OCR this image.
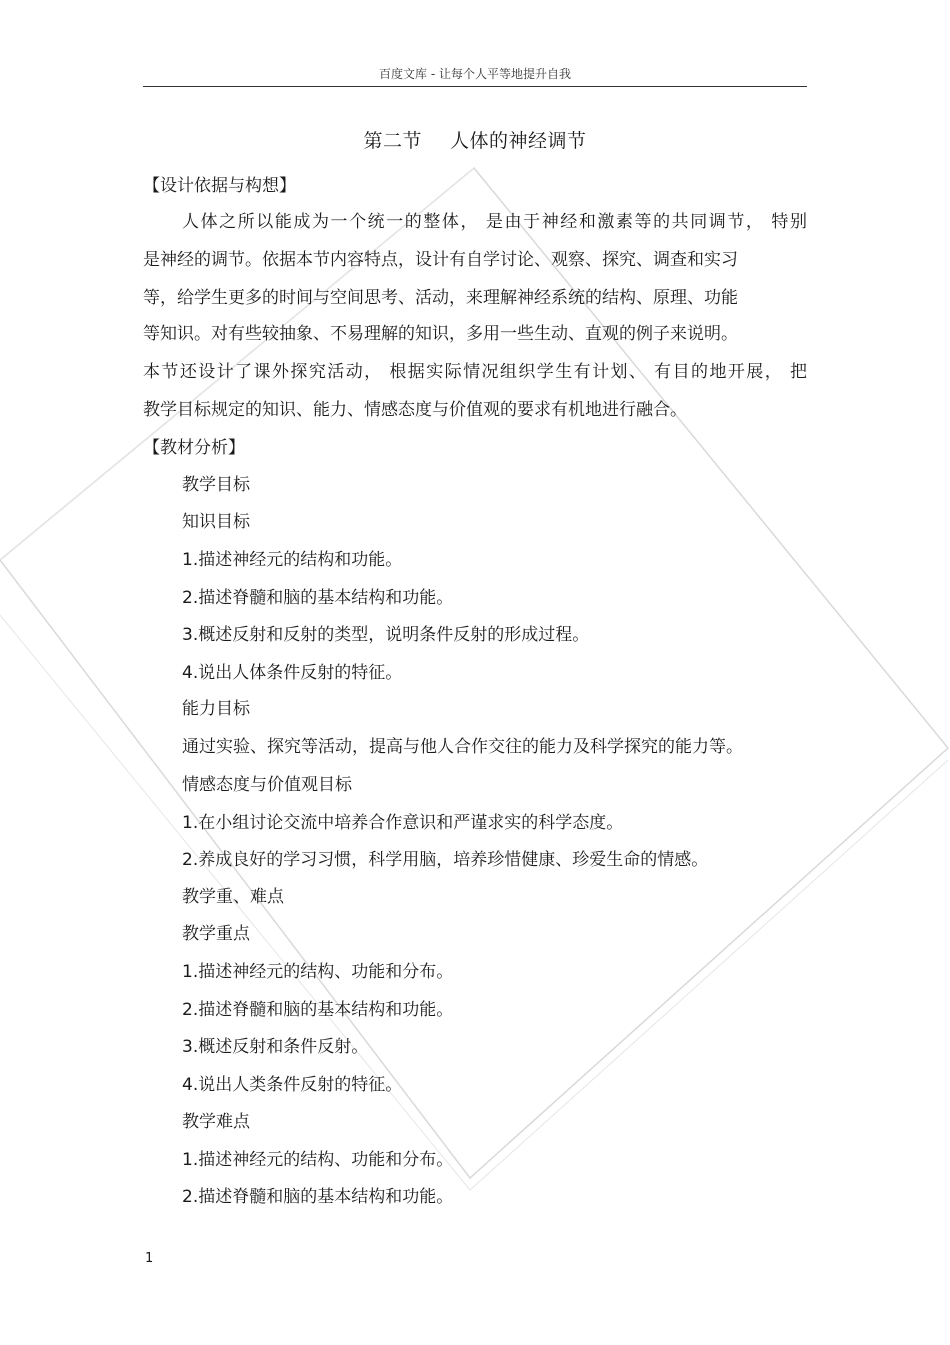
百度文库 - 让每个人平等地提升自我
第二节 人体的神经调节
【设计依据与构想】
人体之所以能成为一个统一的整体， 是由于神经和激素等的共同调节， 特别
是神经的调节。依据本节内容特点，设计有自学讨论、观察、探究、调查和实习
等，给学生更多的时间与空间思考、活动，来理解神经系统的结构、原理、功能
等知识。对有些较抽象、不易理解的知识，多用一些生动、直观的例子来说明。
本节还设计了课外探究活动， 根据实际情况组织学生有计划、 有目的地开展， 把
教学目标规定的知识、能力、情感态度与价值观的要求有机地进行融合。
【教材分析】
教学目标
知识目标
1.描述神经元的结构和功能。
2.描述脊髓和脑的基本结构和功能。
3.概述反射和反射的类型，说明条件反射的形成过程。
4.说出人体条件反射的特征。
能力目标
通过实验、探究等活动，提高与他人合作交往的能力及科学探究的能力等。
情感态度与价值观目标
1.在小组讨论交流中培养合作意识和严谨求实的科学态度。
2.养成良好的学习习惯，科学用脑，培养珍惜健康、珍爱生命的情感。
教学重、难点
教学重点
1.描述神经元的结构、功能和分布。
2.描述脊髓和脑的基本结构和功能。
3.概述反射和条件反射。
4.说出人类条件反射的特征。
教学难点
1.描述神经元的结构、功能和分布。
2.描述脊髓和脑的基本结构和功能。
1
